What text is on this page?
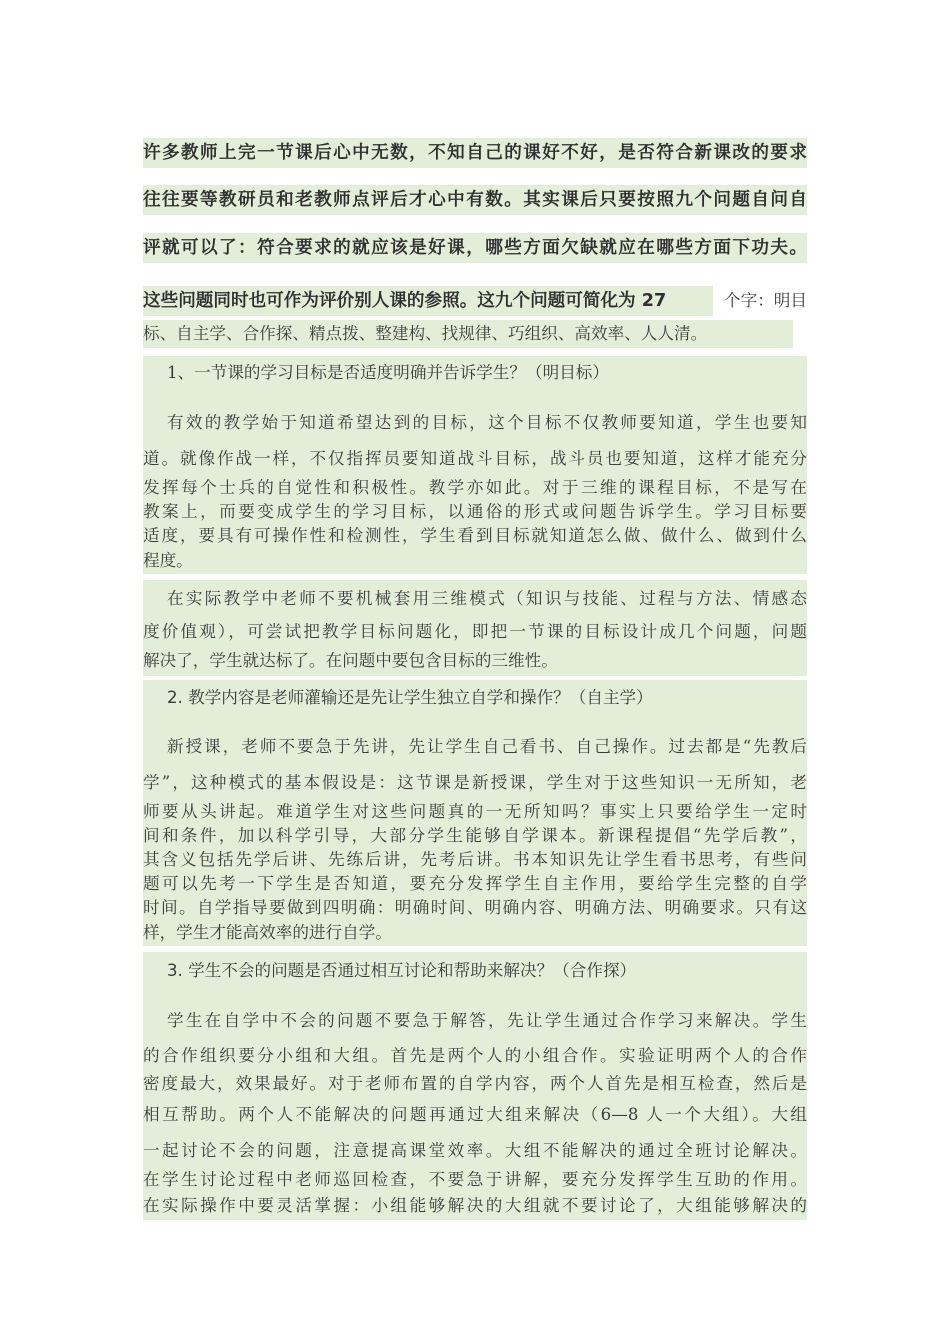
许多教师上完一节课后心中无数，不知自己的课好不好，是否符合新课改的要求
往往要等教研员和老教师点评后才心中有数。其实课后只要按照九个问题自问自
评就可以了：符合要求的就应该是好课，哪些方面欠缺就应在哪些方面下功夫。
这些问题同时也可作为评价别人课的参照。这九个问题可简化为 27	个字：明目
标、自主学、合作探、精点拨、整建构、找规律、巧组织、高效率、人人清。
1、一节课的学习目标是否适度明确并告诉学生？（明目标）
有效的教学始于知道希望达到的目标，这个目标不仅教师要知道，学生也要知
道。就像作战一样，不仅指挥员要知道战斗目标，战斗员也要知道，这样才能充分
发挥每个士兵的自觉性和积极性。教学亦如此。对于三维的课程目标，不是写在
教案上，而要变成学生的学习目标，以通俗的形式或问题告诉学生。学习目标要
适度，要具有可操作性和检测性，学生看到目标就知道怎么做、做什么、做到什么
程度。
在实际教学中老师不要机械套用三维模式（知识与技能、过程与方法、情感态
度价值观），可尝试把教学目标问题化，即把一节课的目标设计成几个问题，问题
解决了，学生就达标了。在问题中要包含目标的三维性。
2. 教学内容是老师灌输还是先让学生独立自学和操作？（自主学）
新授课，老师不要急于先讲，先让学生自己看书、自己操作。过去都是“先教后
学”，这种模式的基本假设是：这节课是新授课，学生对于这些知识一无所知，老
师要从头讲起。难道学生对这些问题真的一无所知吗？事实上只要给学生一定时
间和条件，加以科学引导，大部分学生能够自学课本。新课程提倡“先学后教”，
其含义包括先学后讲、先练后讲，先考后讲。书本知识先让学生看书思考，有些问
题可以先考一下学生是否知道，要充分发挥学生自主作用，要给学生完整的自学
时间。自学指导要做到四明确：明确时间、明确内容、明确方法、明确要求。只有这
样，学生才能高效率的进行自学。
3. 学生不会的问题是否通过相互讨论和帮助来解决？（合作探）
学生在自学中不会的问题不要急于解答，先让学生通过合作学习来解决。学生
的合作组织要分小组和大组。首先是两个人的小组合作。实验证明两个人的合作
密度最大，效果最好。对于老师布置的自学内容，两个人首先是相互检查，然后是
相互帮助。两个人不能解决的问题再通过大组来解决（6—8 人一个大组）。大组
一起讨论不会的问题，注意提高课堂效率。大组不能解决的通过全班讨论解决。
在学生讨论过程中老师巡回检查，不要急于讲解，要充分发挥学生互助的作用。
在实际操作中要灵活掌握：小组能够解决的大组就不要讨论了，大组能够解决的
